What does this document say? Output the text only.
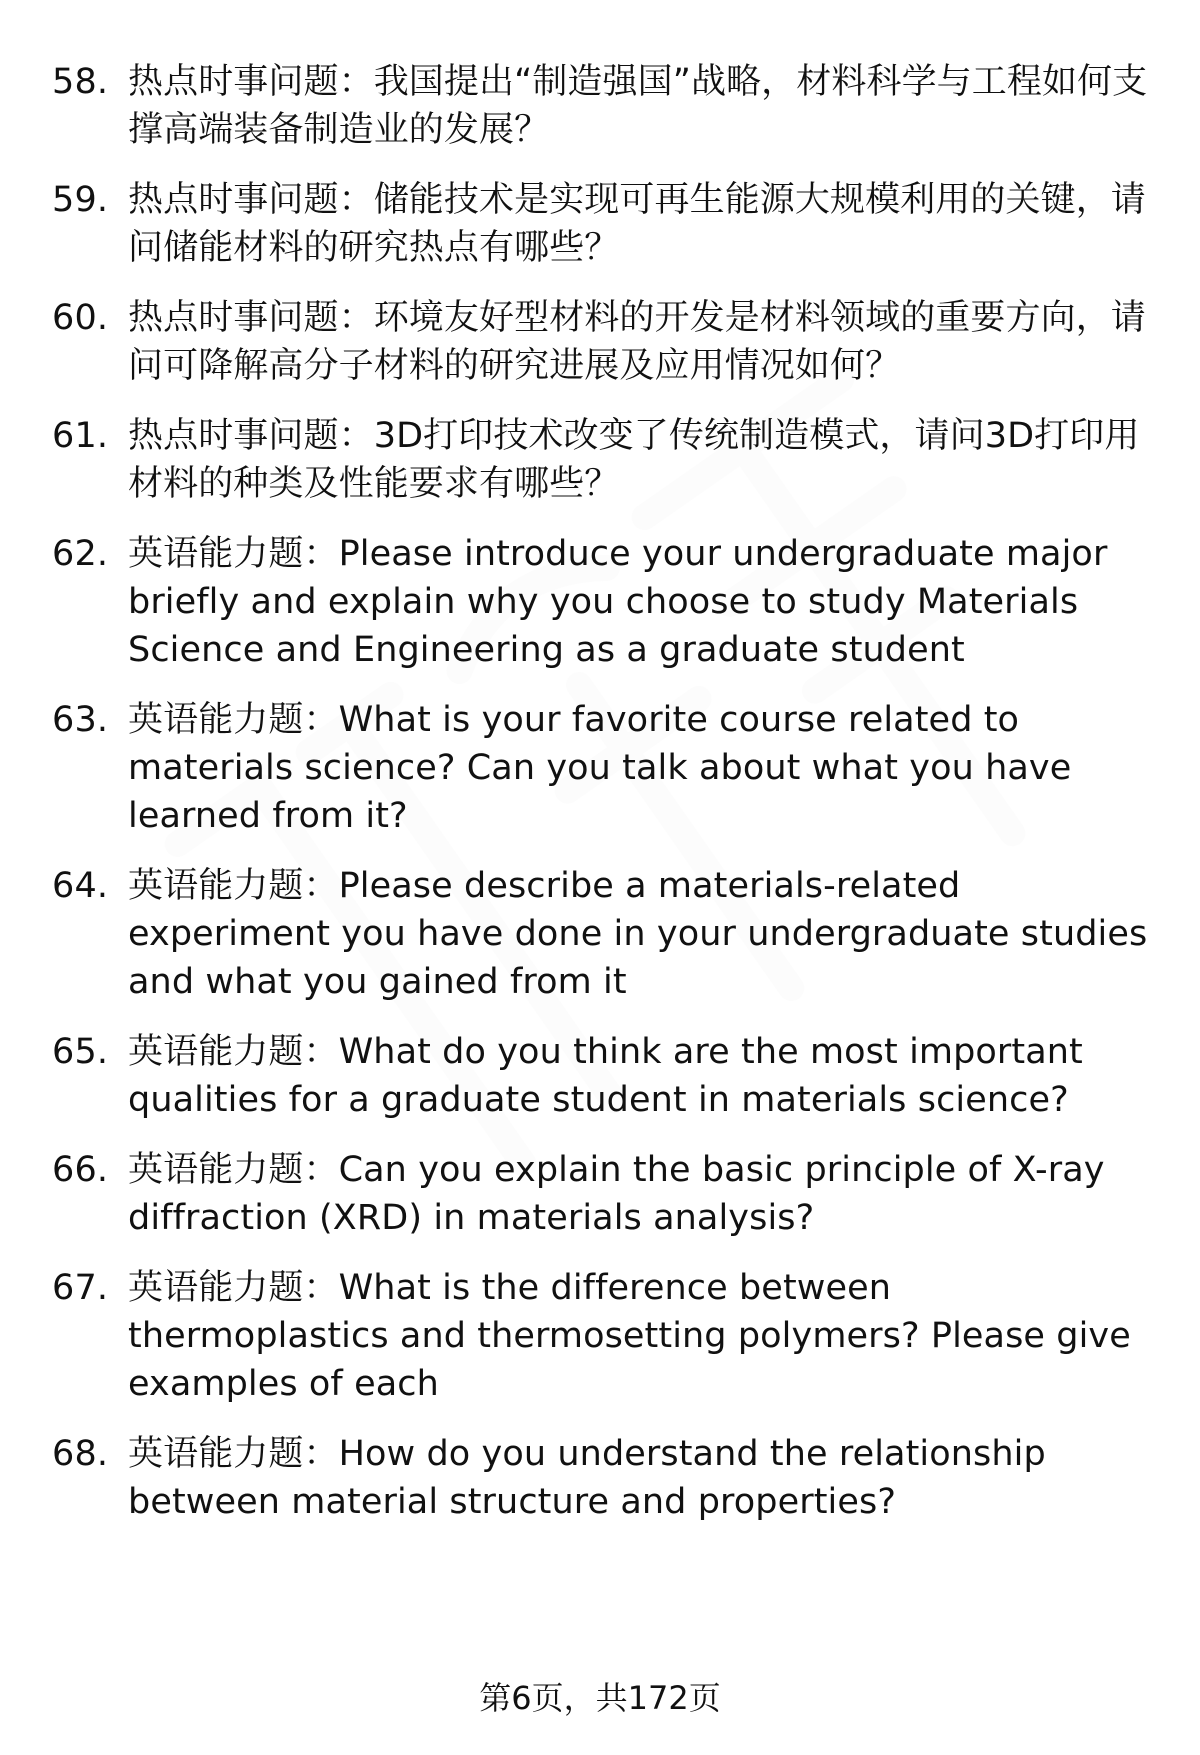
58. 热点时事问题：我国提出“制造强国”战略，材料科学与工程如何支撑高端装备制造业的发展？
59. 热点时事问题：储能技术是实现可再生能源大规模利用的关键，请问储能材料的研究热点有哪些？
60. 热点时事问题：环境友好型材料的开发是材料领域的重要方向，请问可降解高分子材料的研究进展及应用情况如何？
61. 热点时事问题：3D打印技术改变了传统制造模式，请问3D打印用材料的种类及性能要求有哪些？
62. 英语能力题：Please introduce your undergraduate major briefly and explain why you choose to study Materials Science and Engineering as a graduate student
63. 英语能力题：What is your favorite course related to materials science? Can you talk about what you have learned from it?
64. 英语能力题：Please describe a materials-related experiment you have done in your undergraduate studies and what you gained from it
65. 英语能力题：What do you think are the most important qualities for a graduate student in materials science?
66. 英语能力题：Can you explain the basic principle of X-ray diffraction (XRD) in materials analysis?
67. 英语能力题：What is the difference between thermoplastics and thermosetting polymers? Please give examples of each
68. 英语能力题：How do you understand the relationship between material structure and properties?
第6页，共172页
